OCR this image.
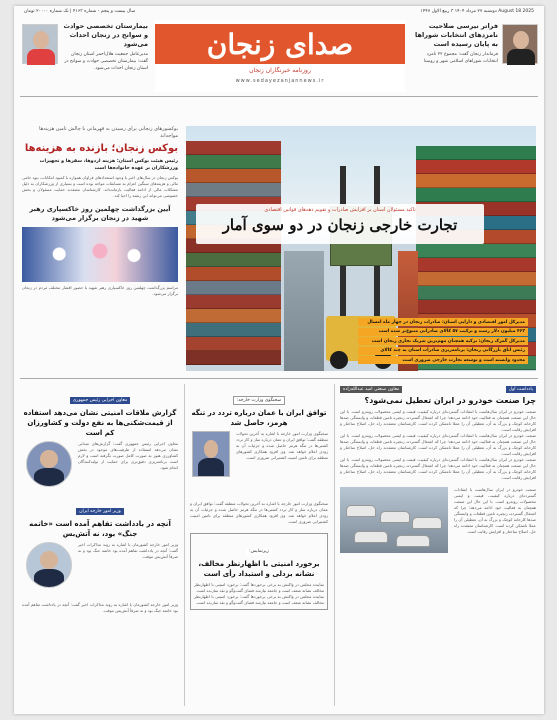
سال بیست و پنجم - شماره ۴۱۶۳ | تک شماره ۲۰۰۰۰ تومان	دوشنبه ۲۷ مرداد ۱۴۰۴ ۳ ربیع الاول ۱۴۴۷ August 18 2025
فراتر نیرسی صلاحیت نامزدهای انتخابات شوراها به پایان رسیده است
فرماندار زنجان گفت: مجموع ۲۲ نامزد انتخابات شوراهای اسلامی شهر و روستا
صدای زنجان
روزنامه خبرنگاران زنجان
www.sedayezanjannews.ir
بیمارستان تخصصی حوادث و سوانح در زنجان احداث می‌شود
مدیرعامل جمعیت هلال‌احمر استان زنجان گفت: بیمارستان تخصصی حوادث و سوانح در استان زنجان احداث می‌شود.
تاکید مسئولان استان بر افزایش صادرات و تقویم دهه‌های قوانین اقتصادی
تجارت خارجی زنجان در دو سوی آمار
مدیرکل امور اقتصادی و دارایی استان: صادرات زنجان در چهار ماه امسال
۴۶۲ میلیون دلار رسید و ترکیب ۵۷ کالای صادراتی متنوع‌تر شده است
مدیرکل گمرک زنجان: ترکیه همچنان مهم‌ترین شریک تجاری زنجان است
رئیس اتاق بازرگانی زنجان: برنامه‌ریزی صادرات استان به چند کالای
محدود وابسته است و توسعه تجارت خارجی ضروری است
بوکسورهای زنجانی برای رسیدن به قهرمانی با چالش تامین هزینه‌ها مواجه‌اند
بوکس زنجان؛ بازنده به هزینه‌ها
رئیس هیئت بوکس استان: هزینه اردوها، سفرها و تجهیزات ورزشکاران بر عهده خانواده‌ها است
بوکس زنجان در سال‌های اخیر با وجود استعدادهای فراوان همواره با کمبود امکانات، نبود حامی مالی و هزینه‌های سنگین اعزام به مسابقات مواجه بوده است و بسیاری از ورزشکاران به دلیل مشکلات مالی از ادامه فعالیت بازمانده‌اند. کارشناسان معتقدند حمایت مسئولان و بخش خصوصی می‌تواند این رشته را احیا کند.
آیین بزرگداشت چهلمین روز خاکسپاری رهبر شهید در زنجان برگزار می‌شود
مراسم بزرگداشت چهلمین روز خاکسپاری رهبر شهید با حضور اقشار مختلف مردم در زنجان برگزار می‌شود.
معاون اجرایی رئیس جمهوری
گزارش ملاقات امنیتی نشان می‌دهد استفاده از قیمت‌شکنی‌ها به نفع دولت و کشاورزان کم است
معاون اجرایی رئیس جمهوری گفت: گزارش‌های میدانی نشان می‌دهد استفاده از ظرفیت‌های موجود در بخش کشاورزی هنوز به صورت کامل صورت نگرفته است و لازم است برنامه‌ریزی دقیق‌تری برای حمایت از تولیدکنندگان انجام شود.
وزیر امور خارجه ایران
آنچه در بادداشت تفاهم آمده است «خاتمه جنگ» بود، نه آتش‌بس
وزیر امور خارجه کشورمان با اشاره به روند مذاکرات اخیر گفت: آنچه در یادداشت تفاهم آمده بود خاتمه جنگ بود و نه صرفاً آتش‌بس موقت.
وزیر امور خارجه کشورمان با اشاره به روند مذاکرات اخیر گفت: آنچه در یادداشت تفاهم آمده بود خاتمه جنگ بود و نه صرفاً آتش‌بس موقت.
سخنگوی وزارت خارجه:
توافق ایران با عمان درباره تردد در تنگه هرمز، حاصل شد
سخنگوی وزارت امور خارجه با اشاره به آخرین تحولات منطقه گفت: توافق ایران و عمان درباره ساز و کار تردد کشتی‌ها در تنگه هرمز حاصل شده و جزئیات آن به زودی اعلام خواهد شد. وی افزود همکاری کشورهای منطقه برای تامین امنیت کشتیرانی ضروری است.
سخنگوی وزارت امور خارجه با اشاره به آخرین تحولات منطقه گفت: توافق ایران و عمان درباره ساز و کار تردد کشتی‌ها در تنگه هرمز حاصل شده و جزئیات آن به زودی اعلام خواهد شد. وی افزود همکاری کشورهای منطقه برای تامین امنیت کشتیرانی ضروری است.
زیرنمایش:
برخورد امنیتی با اظهارنظر مخالف، نشانه بزدلی و استبداد رأی است
نماینده مجلس در واکنش به برخی برخوردها گفت: برخورد امنیتی با اظهارنظر مخالف نشانه ضعف است و جامعه نیازمند فضای گفت‌وگو و نقد سازنده است.
نماینده مجلس در واکنش به برخی برخوردها گفت: برخورد امنیتی با اظهارنظر مخالف نشانه ضعف است و جامعه نیازمند فضای گفت‌وگو و نقد سازنده است.
یادداشت اول
معاون صنعتی امید عبدالله‌زاده
چرا صنعت خودرو در ایران تعطیل نمی‌شود؟
صنعت خودرو در ایران سال‌هاست با انتقادات گسترده‌ای درباره کیفیت، قیمت و ایمنی محصولات روبه‌رو است. با این حال این صنعت همچنان به فعالیت خود ادامه می‌دهد؛ چرا که اشتغال گسترده، زنجیره تامین قطعات و وابستگی صدها کارخانه کوچک و بزرگ به آن، تعطیلی آن را عملا ناممکن کرده است. کارشناسان معتقدند راه حل، اصلاح ساختار و افزایش رقابت است.
صنعت خودرو در ایران سال‌هاست با انتقادات گسترده‌ای درباره کیفیت، قیمت و ایمنی محصولات روبه‌رو است. با این حال این صنعت همچنان به فعالیت خود ادامه می‌دهد؛ چرا که اشتغال گسترده، زنجیره تامین قطعات و وابستگی صدها کارخانه کوچک و بزرگ به آن، تعطیلی آن را عملا ناممکن کرده است. کارشناسان معتقدند راه حل، اصلاح ساختار و افزایش رقابت است.
صنعت خودرو در ایران سال‌هاست با انتقادات گسترده‌ای درباره کیفیت، قیمت و ایمنی محصولات روبه‌رو است. با این حال این صنعت همچنان به فعالیت خود ادامه می‌دهد؛ چرا که اشتغال گسترده، زنجیره تامین قطعات و وابستگی صدها کارخانه کوچک و بزرگ به آن، تعطیلی آن را عملا ناممکن کرده است. کارشناسان معتقدند راه حل، اصلاح ساختار و افزایش رقابت است.
صنعت خودرو در ایران سال‌هاست با انتقادات گسترده‌ای درباره کیفیت، قیمت و ایمنی محصولات روبه‌رو است. با این حال این صنعت همچنان به فعالیت خود ادامه می‌دهد؛ چرا که اشتغال گسترده، زنجیره تامین قطعات و وابستگی صدها کارخانه کوچک و بزرگ به آن، تعطیلی آن را عملا ناممکن کرده است. کارشناسان معتقدند راه حل، اصلاح ساختار و افزایش رقابت است.
